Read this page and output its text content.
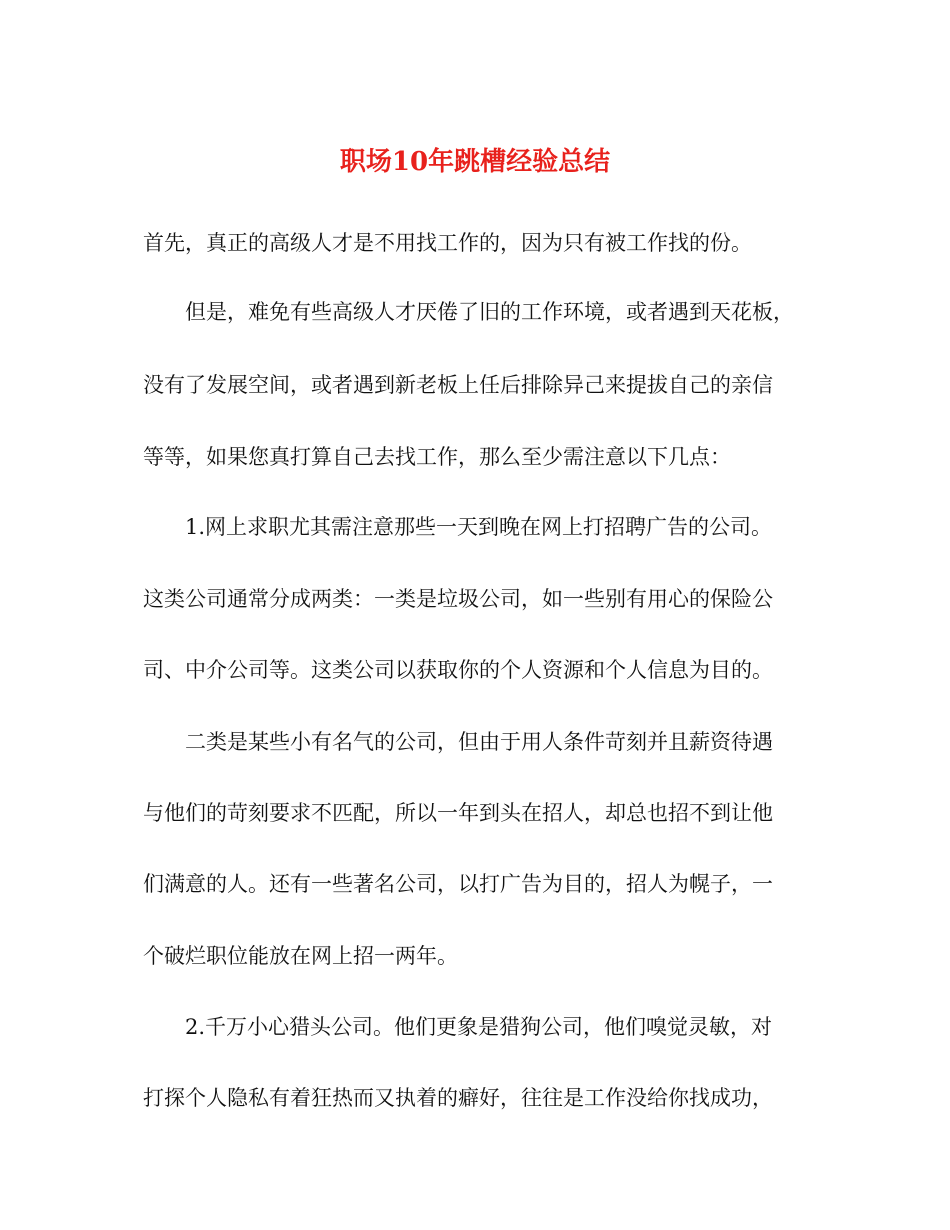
职场10年跳槽经验总结
首先，真正的高级人才是不用找工作的，因为只有被工作找的份。
但是，难免有些高级人才厌倦了旧的工作环境，或者遇到天花板，
没有了发展空间，或者遇到新老板上任后排除异己来提拔自己的亲信
等等，如果您真打算自己去找工作，那么至少需注意以下几点：
1.网上求职尤其需注意那些一天到晚在网上打招聘广告的公司。
这类公司通常分成两类：一类是垃圾公司，如一些别有用心的保险公
司、中介公司等。这类公司以获取你的个人资源和个人信息为目的。
二类是某些小有名气的公司，但由于用人条件苛刻并且薪资待遇
与他们的苛刻要求不匹配，所以一年到头在招人，却总也招不到让他
们满意的人。还有一些著名公司，以打广告为目的，招人为幌子，一
个破烂职位能放在网上招一两年。
2.千万小心猎头公司。他们更象是猎狗公司，他们嗅觉灵敏，对
打探个人隐私有着狂热而又执着的癖好，往往是工作没给你找成功，
